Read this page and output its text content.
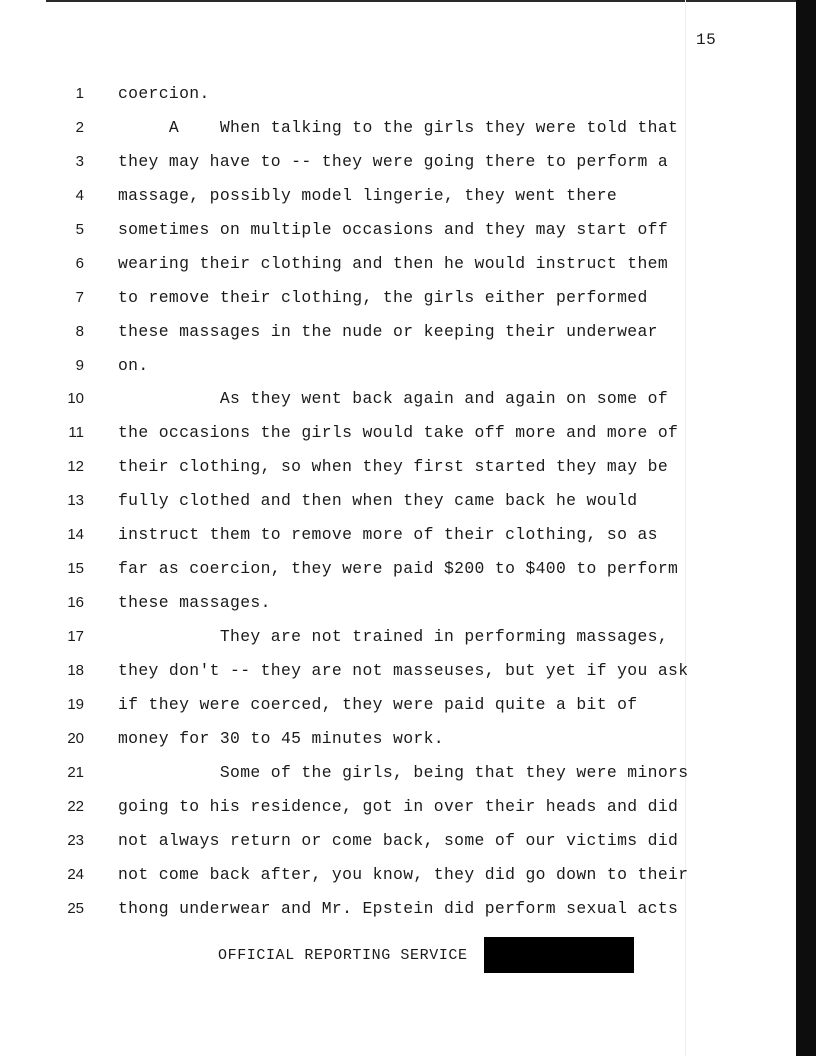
15
1 coercion.
2 A    When talking to the girls they were told that
3 they may have to -- they were going there to perform a
4 massage, possibly model lingerie, they went there
5 sometimes on multiple occasions and they may start off
6 wearing their clothing and then he would instruct them
7 to remove their clothing, the girls either performed
8 these massages in the nude or keeping their underwear
9 on.
10 As they went back again and again on some of
11 the occasions the girls would take off more and more of
12 their clothing, so when they first started they may be
13 fully clothed and then when they came back he would
14 instruct them to remove more of their clothing, so as
15 far as coercion, they were paid $200 to $400 to perform
16 these massages.
17 They are not trained in performing massages,
18 they don't -- they are not masseuses, but yet if you ask
19 if they were coerced, they were paid quite a bit of
20 money for 30 to 45 minutes work.
21 Some of the girls, being that they were minors
22 going to his residence, got in over their heads and did
23 not always return or come back, some of our victims did
24 not come back after, you know, they did go down to their
25 thong underwear and Mr. Epstein did perform sexual acts
OFFICIAL REPORTING SERVICE
